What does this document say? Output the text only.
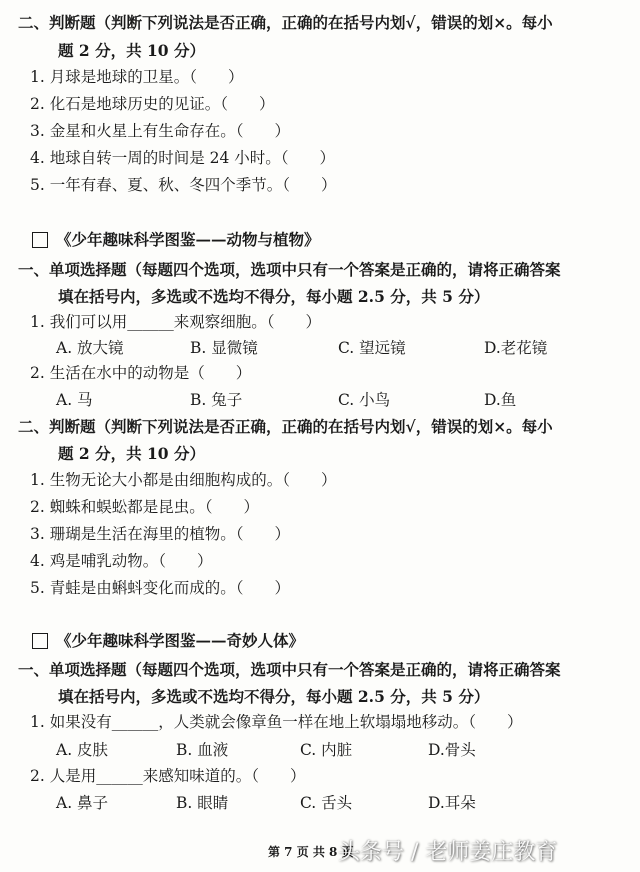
二、判断题（判断下列说法是否正确，正确的在括号内划√，错误的划×。每小
题 2 分，共 10 分）
1. 月球是地球的卫星。（　　）
2. 化石是地球历史的见证。（　　）
3. 金星和火星上有生命存在。（　　）
4. 地球自转一周的时间是 24 小时。（　　）
5. 一年有春、夏、秋、冬四个季节。（　　）
《少年趣味科学图鉴——动物与植物》
一、单项选择题（每题四个选项，选项中只有一个答案是正确的，请将正确答案
填在括号内，多选或不选均不得分，每小题 2.5 分，共 5 分）
1. 我们可以用______来观察细胞。（　　）
A. 放大镜	B. 显微镜	C. 望远镜	D.老花镜
2. 生活在水中的动物是（　　）
A. 马	B. 兔子	C. 小鸟	D.鱼
二、判断题（判断下列说法是否正确，正确的在括号内划√，错误的划×。每小
题 2 分，共 10 分）
1. 生物无论大小都是由细胞构成的。（　　）
2. 蜘蛛和蜈蚣都是昆虫。（　　）
3. 珊瑚是生活在海里的植物。（　　）
4. 鸡是哺乳动物。（　　）
5. 青蛙是由蝌蚪变化而成的。（　　）
《少年趣味科学图鉴——奇妙人体》
一、单项选择题（每题四个选项，选项中只有一个答案是正确的，请将正确答案
填在括号内，多选或不选均不得分，每小题 2.5 分，共 5 分）
1. 如果没有______，人类就会像章鱼一样在地上软塌塌地移动。（　　）
A. 皮肤	B. 血液	C. 内脏	D.骨头
2. 人是用______来感知味道的。（　　）
A. 鼻子	B. 眼睛	C. 舌头	D.耳朵
第 7 页 共 8 页
头条号 / 老师姜庄教育
